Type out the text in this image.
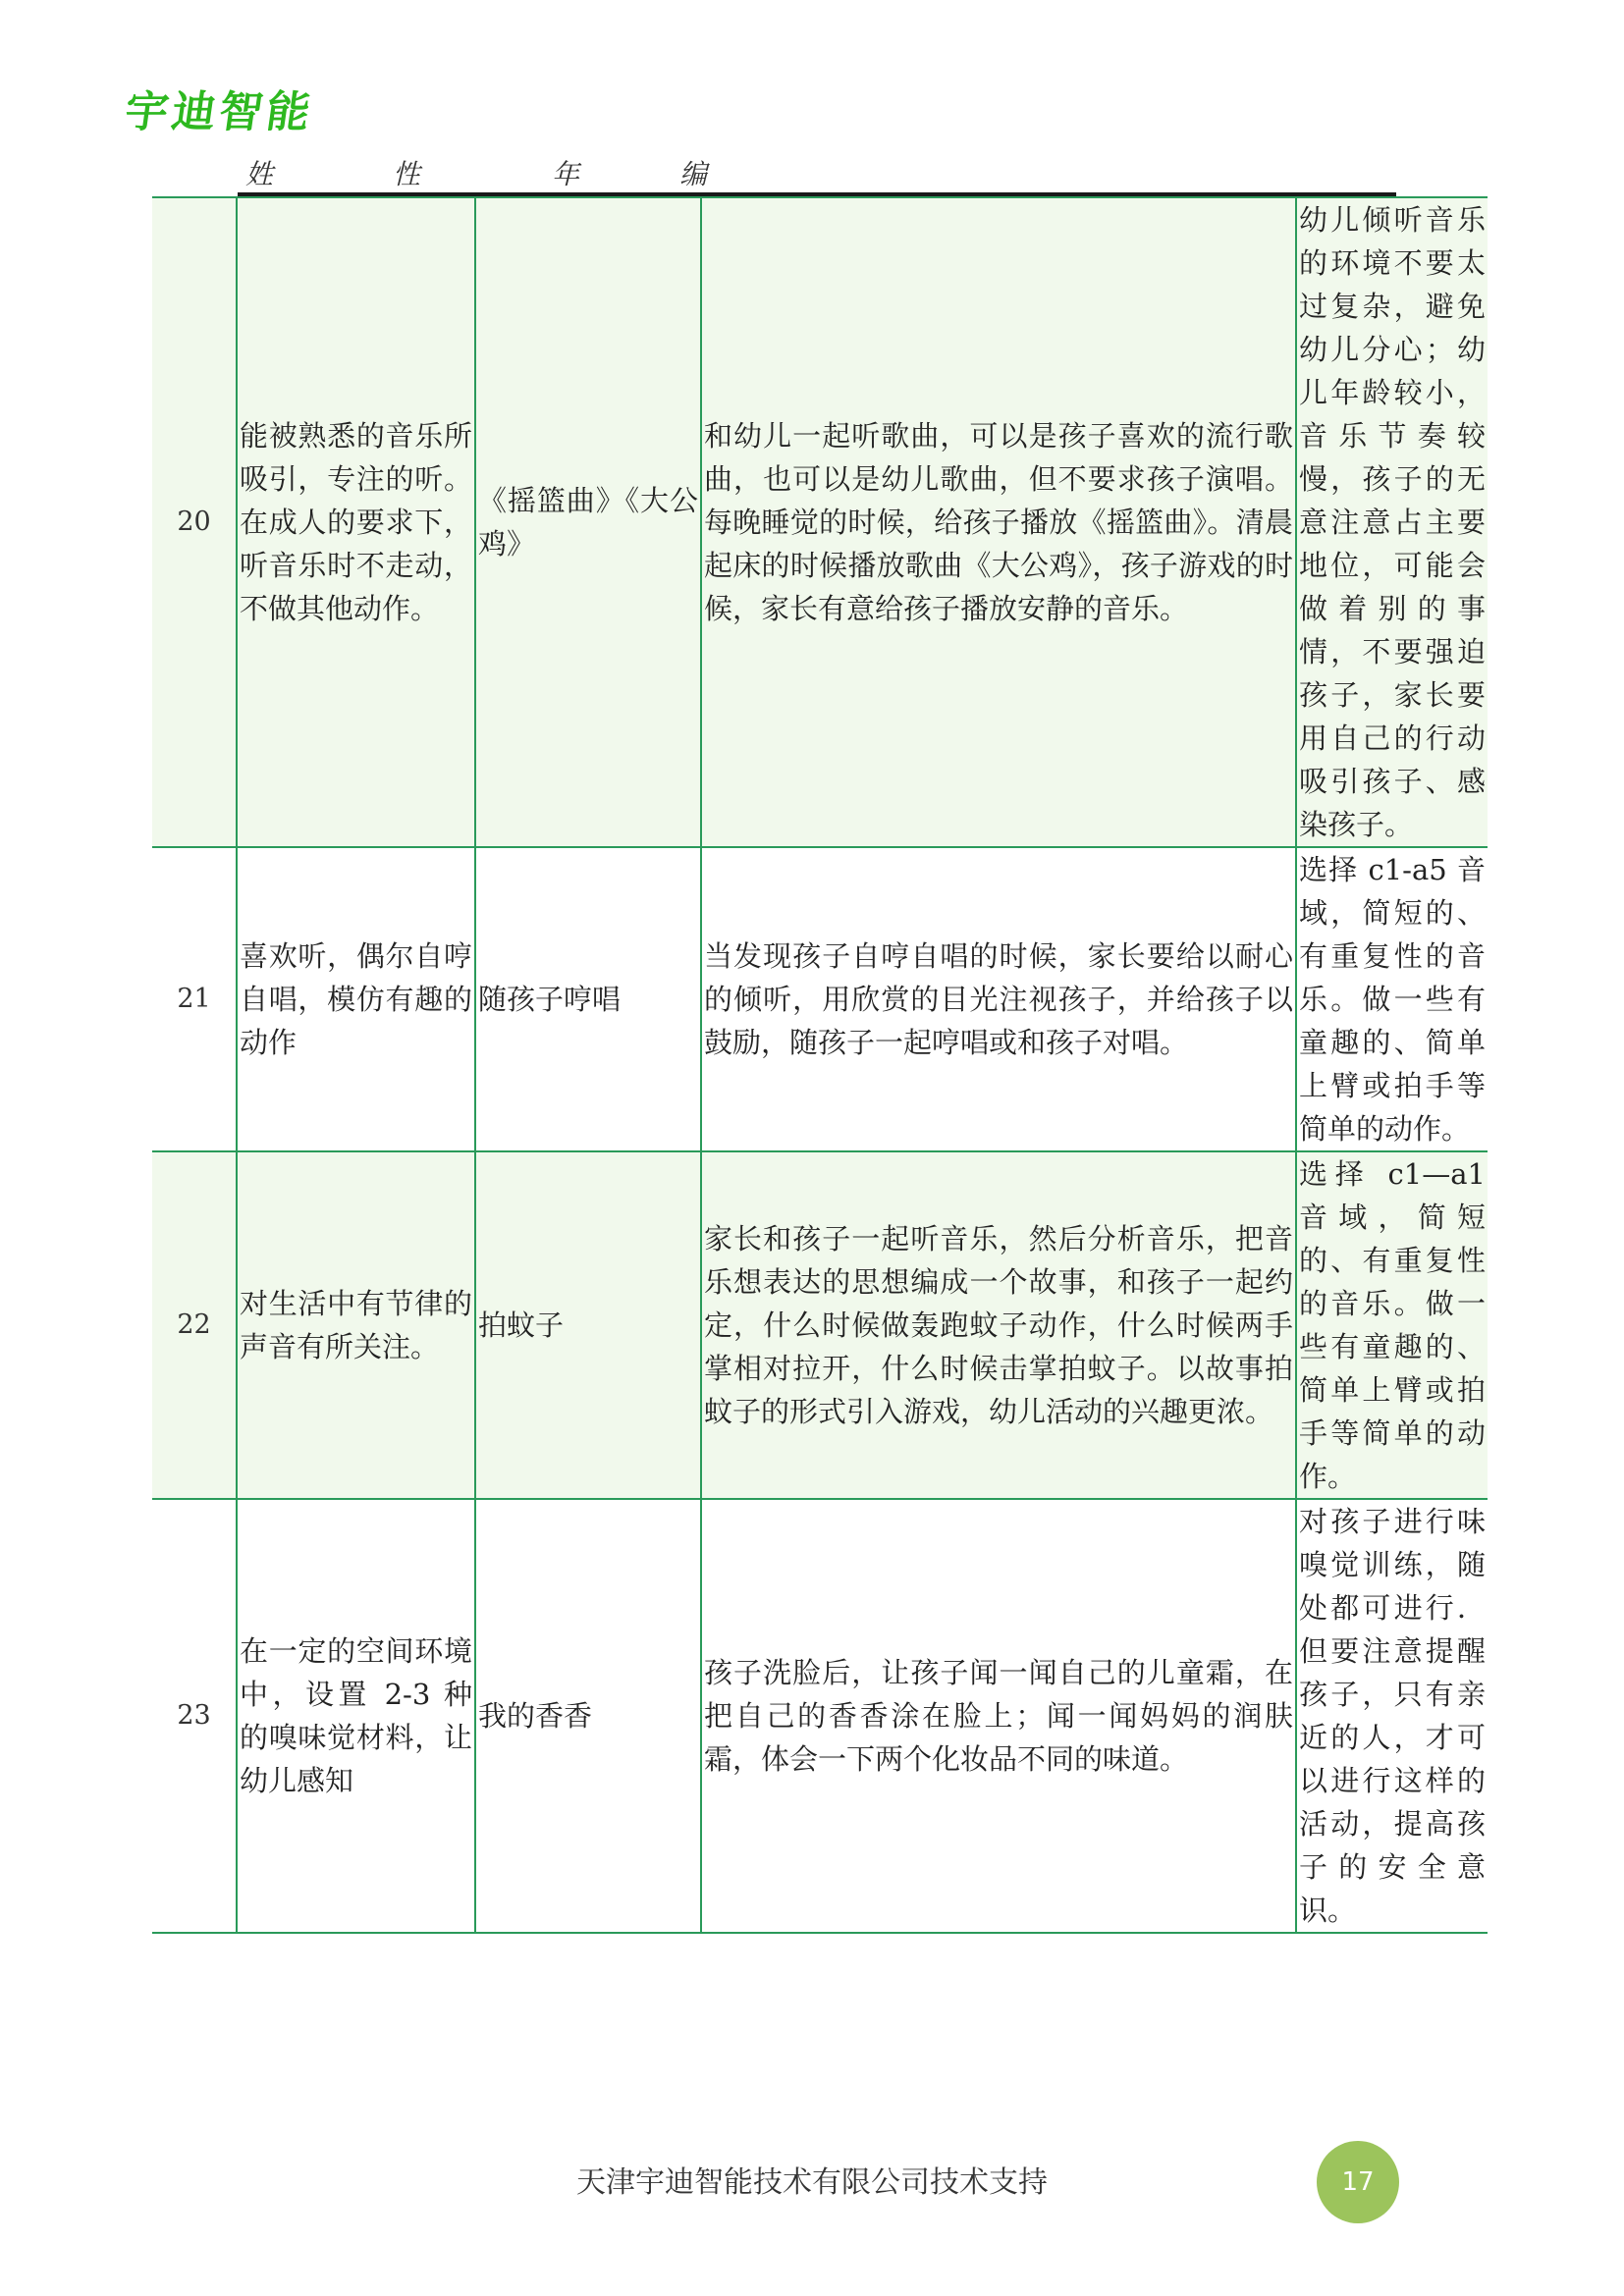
宇迪智能
姓	性	年	编
20	能被熟悉的音乐所吸引，专注的听。在成人的要求下，听音乐时不走动，不做其他动作。	《摇篮曲》《大公鸡》	和幼儿一起听歌曲，可以是孩子喜欢的流行歌曲，也可以是幼儿歌曲，但不要求孩子演唱。每晚睡觉的时候，给孩子播放《摇篮曲》。清晨起床的时候播放歌曲《大公鸡》，孩子游戏的时候，家长有意给孩子播放安静的音乐。	幼儿倾听音乐的环境不要太过复杂，避免幼儿分心；幼儿年龄较小，音乐节奏较慢，孩子的无意注意占主要地位，可能会做着别的事情，不要强迫孩子，家长要用自己的行动吸引孩子、感染孩子。
21	喜欢听，偶尔自哼自唱，模仿有趣的动作	随孩子哼唱	当发现孩子自哼自唱的时候，家长要给以耐心的倾听，用欣赏的目光注视孩子，并给孩子以鼓励，随孩子一起哼唱或和孩子对唱。	选择 c1-a5 音域，简短的、有重复性的音乐。做一些有童趣的、简单上臂或拍手等简单的动作。
22	对生活中有节律的声音有所关注。	拍蚊子	家长和孩子一起听音乐，然后分析音乐，把音乐想表达的思想编成一个故事，和孩子一起约定，什么时候做轰跑蚊子动作，什么时候两手掌相对拉开，什么时候击掌拍蚊子。以故事拍蚊子的形式引入游戏，幼儿活动的兴趣更浓。	选择 c1—a1 音域，简短的、有重复性的音乐。做一些有童趣的、简单上臂或拍手等简单的动作。
23	在一定的空间环境中，设置 2-3 种的嗅味觉材料，让幼儿感知	我的香香	孩子洗脸后，让孩子闻一闻自己的儿童霜，在把自己的香香涂在脸上；闻一闻妈妈的润肤霜，体会一下两个化妆品不同的味道。	对孩子进行味嗅觉训练，随处都可进行．但要注意提醒孩子，只有亲近的人，才可以进行这样的活动，提高孩子的安全意识。
天津宇迪智能技术有限公司技术支持	17
